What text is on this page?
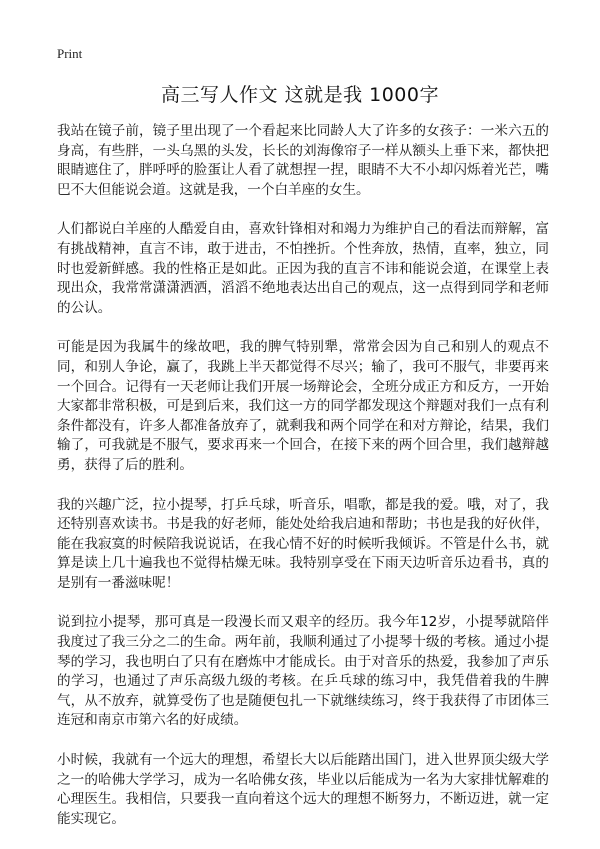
Print
高三写人作文 这就是我 1000字

我站在镜子前，镜子里出现了一个看起来比同龄人大了许多的女孩子：一米六五的身高，有些胖，一头乌黑的头发，长长的刘海像帘子一样从额头上垂下来，都快把眼睛遮住了，胖呼呼的脸蛋让人看了就想捏一捏，眼睛不大不小却闪烁着光芒，嘴巴不大但能说会道。这就是我，一个白羊座的女生。

人们都说白羊座的人酷爱自由，喜欢针锋相对和竭力为维护自己的看法而辩解，富有挑战精神，直言不讳，敢于进击，不怕挫折。个性奔放，热情，直率，独立，同时也爱新鲜感。我的性格正是如此。正因为我的直言不讳和能说会道，在课堂上表现出众，我常常潇潇洒洒，滔滔不绝地表达出自己的观点，这一点得到同学和老师的公认。

可能是因为我属牛的缘故吧，我的脾气特别犟，常常会因为自己和别人的观点不同，和别人争论，赢了，我跳上半天都觉得不尽兴；输了，我可不服气，非要再来一个回合。记得有一天老师让我们开展一场辩论会，全班分成正方和反方，一开始大家都非常积极，可是到后来，我们这一方的同学都发现这个辩题对我们一点有利条件都没有，许多人都准备放弃了，就剩我和两个同学在和对方辩论，结果，我们输了，可我就是不服气，要求再来一个回合，在接下来的两个回合里，我们越辩越勇，获得了后的胜利。

我的兴趣广泛，拉小提琴，打乒乓球，听音乐，唱歌，都是我的爱。哦，对了，我还特别喜欢读书。书是我的好老师，能处处给我启迪和帮助；书也是我的好伙伴，能在我寂寞的时候陪我说说话，在我心情不好的时候听我倾诉。不管是什么书，就算是读上几十遍我也不觉得枯燥无味。我特别享受在下雨天边听音乐边看书，真的是别有一番滋味呢！

说到拉小提琴，那可真是一段漫长而又艰辛的经历。我今年12岁，小提琴就陪伴我度过了我三分之二的生命。两年前，我顺利通过了小提琴十级的考核。通过小提琴的学习，我也明白了只有在磨炼中才能成长。由于对音乐的热爱，我参加了声乐的学习，也通过了声乐高级九级的考核。在乒乓球的练习中，我凭借着我的牛脾气，从不放弃，就算受伤了也是随便包扎一下就继续练习，终于我获得了市团体三连冠和南京市第六名的好成绩。

小时候，我就有一个远大的理想，希望长大以后能踏出国门，进入世界顶尖级大学之一的哈佛大学学习，成为一名哈佛女孩，毕业以后能成为一名为大家排忧解难的心理医生。我相信，只要我一直向着这个远大的理想不断努力，不断迈进，就一定能实现它。
